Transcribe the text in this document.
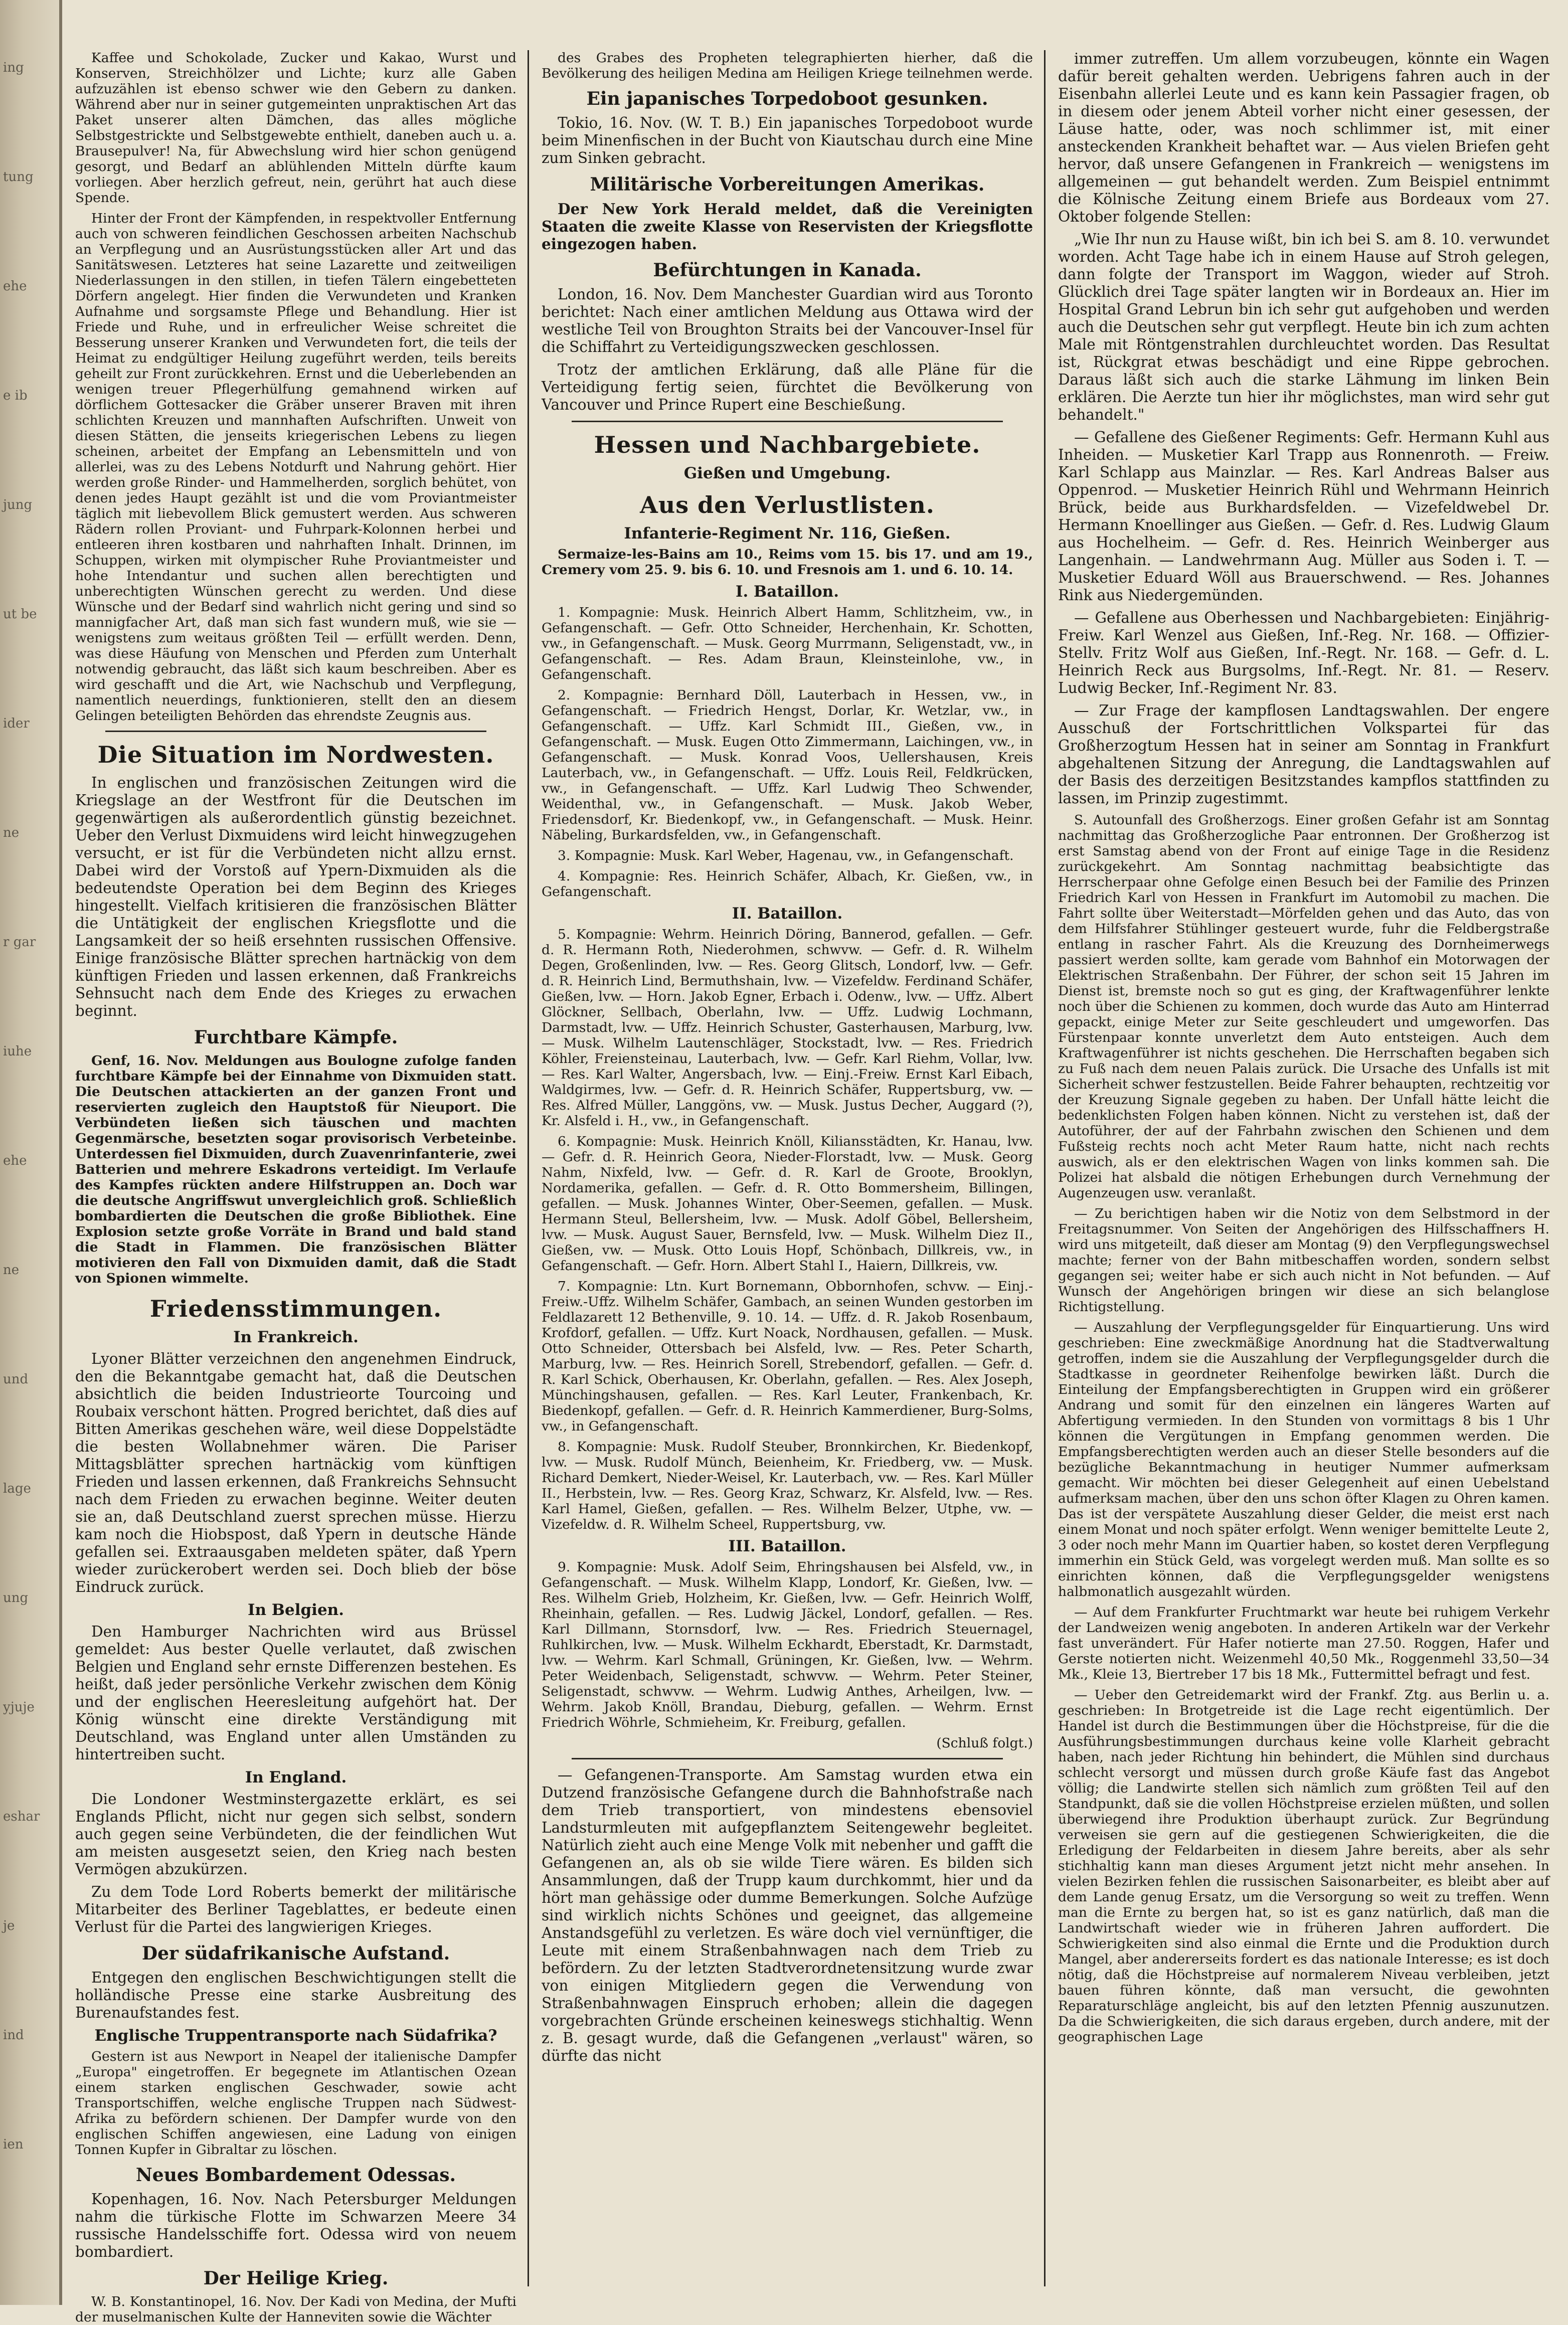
ing
tung
ehe
e ib
jung
ut be
ider
ne
r gar
iuhe
ehe
ne
und
lage
ung
yjuje
eshar
je
ind
ien

Kaffee und Schokolade, Zucker und Kakao, Wurst und Konserven, Streichhölzer und Lichte; kurz alle Gaben aufzuzählen ist ebenso schwer wie den Gebern zu danken. Während aber nur in seiner gutgemeinten unpraktischen Art das Paket unserer alten Dämchen, das alles mögliche Selbstgestrickte und Selbstgewebte enthielt, daneben auch u. a. Brausepulver! Na, für Abwechslung wird hier schon genügend gesorgt, und Bedarf an ablühlenden Mitteln dürfte kaum vorliegen. Aber herzlich gefreut, nein, gerührt hat auch diese Spende.

Hinter der Front der Kämpfenden, in respektvoller Entfernung auch von schweren feindlichen Geschossen arbeiten Nachschub an Verpflegung und an Ausrüstungsstücken aller Art und das Sanitätswesen. Letzteres hat seine Lazarette und zeitweiligen Niederlassungen in den stillen, in tiefen Tälern eingebetteten Dörfern angelegt. Hier finden die Verwundeten und Kranken Aufnahme und sorgsamste Pflege und Behandlung. Hier ist Friede und Ruhe, und in erfreulicher Weise schreitet die Besserung unserer Kranken und Verwundeten fort, die teils der Heimat zu endgültiger Heilung zugeführt werden, teils bereits geheilt zur Front zurückkehren. Ernst und die Ueberlebenden an wenigen treuer Pflegerhülfung gemahnend wirken auf dörflichem Gottesacker die Gräber unserer Braven mit ihren schlichten Kreuzen und mannhaften Aufschriften. Unweit von diesen Stätten, die jenseits kriegerischen Lebens zu liegen scheinen, arbeitet der Empfang an Lebensmitteln und von allerlei, was zu des Lebens Notdurft und Nahrung gehört. Hier werden große Rinder- und Hammelherden, sorglich behütet, von denen jedes Haupt gezählt ist und die vom Proviantmeister täglich mit liebevollem Blick gemustert werden. Aus schweren Rädern rollen Proviant- und Fuhrpark-Kolonnen herbei und entleeren ihren kostbaren und nahrhaften Inhalt. Drinnen, im Schuppen, wirken mit olympischer Ruhe Proviantmeister und hohe Intendantur und suchen allen berechtigten und unberechtigten Wünschen gerecht zu werden. Und diese Wünsche und der Bedarf sind wahrlich nicht gering und sind so mannigfacher Art, daß man sich fast wundern muß, wie sie — wenigstens zum weitaus größten Teil — erfüllt werden. Denn, was diese Häufung von Menschen und Pferden zum Unterhalt notwendig gebraucht, das läßt sich kaum beschreiben. Aber es wird geschafft und die Art, wie Nachschub und Verpflegung, namentlich neuerdings, funktionieren, stellt den an diesem Gelingen beteiligten Behörden das ehrendste Zeugnis aus.

Die Situation im Nordwesten.

In englischen und französischen Zeitungen wird die Kriegslage an der Westfront für die Deutschen im gegenwärtigen als außerordentlich günstig bezeichnet. Ueber den Verlust Dixmuidens wird leicht hinwegzugehen versucht, er ist für die Verbündeten nicht allzu ernst. Dabei wird der Vorstoß auf Ypern-Dixmuiden als die bedeutendste Operation bei dem Beginn des Krieges hingestellt. Vielfach kritisieren die französischen Blätter die Untätigkeit der englischen Kriegsflotte und die Langsamkeit der so heiß ersehnten russischen Offensive. Einige französische Blätter sprechen hartnäckig von dem künftigen Frieden und lassen erkennen, daß Frankreichs Sehnsucht nach dem Ende des Krieges zu erwachen beginnt.

Furchtbare Kämpfe.

Genf, 16. Nov. Meldungen aus Boulogne zufolge fanden furchtbare Kämpfe bei der Einnahme von Dixmuiden statt. Die Deutschen attackierten an der ganzen Front und reservierten zugleich den Hauptstoß für Nieuport. Die Verbündeten ließen sich täuschen und machten Gegenmärsche, besetzten sogar provisorisch Verbeteinbe. Unterdessen fiel Dixmuiden, durch Zuavenrinfanterie, zwei Batterien und mehrere Eskadrons verteidigt. Im Verlaufe des Kampfes rückten andere Hilfstruppen an. Doch war die deutsche Angriffswut unvergleichlich groß. Schließlich bombardierten die Deutschen die große Bibliothek. Eine Explosion setzte große Vorräte in Brand und bald stand die Stadt in Flammen. Die französischen Blätter motivieren den Fall von Dixmuiden damit, daß die Stadt von Spionen wimmelte.

Friedensstimmungen.
In Frankreich.

Lyoner Blätter verzeichnen den angenehmen Eindruck, den die Bekanntgabe gemacht hat, daß die Deutschen absichtlich die beiden Industrieorte Tourcoing und Roubaix verschont hätten. Progred berichtet, daß dies auf Bitten Amerikas geschehen wäre, weil diese Doppelstädte die besten Wollabnehmer wären. Die Pariser Mittagsblätter sprechen hartnäckig vom künftigen Frieden und lassen erkennen, daß Frankreichs Sehnsucht nach dem Frieden zu erwachen beginne. Weiter deuten sie an, daß Deutschland zuerst sprechen müsse. Hierzu kam noch die Hiobspost, daß Ypern in deutsche Hände gefallen sei. Extraausgaben meldeten später, daß Ypern wieder zurückerobert werden sei. Doch blieb der böse Eindruck zurück.

In Belgien.

Den Hamburger Nachrichten wird aus Brüssel gemeldet: Aus bester Quelle verlautet, daß zwischen Belgien und England sehr ernste Differenzen bestehen. Es heißt, daß jeder persönliche Verkehr zwischen dem König und der englischen Heeresleitung aufgehört hat. Der König wünscht eine direkte Verständigung mit Deutschland, was England unter allen Umständen zu hintertreiben sucht.

In England.

Die Londoner Westminstergazette erklärt, es sei Englands Pflicht, nicht nur gegen sich selbst, sondern auch gegen seine Verbündeten, die der feindlichen Wut am meisten ausgesetzt seien, den Krieg nach besten Vermögen abzukürzen.

Zu dem Tode Lord Roberts bemerkt der militärische Mitarbeiter des Berliner Tageblattes, er bedeute einen Verlust für die Partei des langwierigen Krieges.

Der südafrikanische Aufstand.

Entgegen den englischen Beschwichtigungen stellt die holländische Presse eine starke Ausbreitung des Burenaufstandes fest.

Englische Truppentransporte nach Südafrika?

Gestern ist aus Newport in Neapel der italienische Dampfer „Europa" eingetroffen. Er begegnete im Atlantischen Ozean einem starken englischen Geschwader, sowie acht Transportschiffen, welche englische Truppen nach Südwest-Afrika zu befördern schienen. Der Dampfer wurde von den englischen Schiffen angewiesen, eine Ladung von einigen Tonnen Kupfer in Gibraltar zu löschen.

Neues Bombardement Odessas.

Kopenhagen, 16. Nov. Nach Petersburger Meldungen nahm die türkische Flotte im Schwarzen Meere 34 russische Handelsschiffe fort. Odessa wird von neuem bombardiert.

Der Heilige Krieg.

W. B. Konstantinopel, 16. Nov. Der Kadi von Medina, der Mufti der muselmanischen Kulte der Hanneviten sowie die Wächter

des Grabes des Propheten telegraphierten hierher, daß die Bevölkerung des heiligen Medina am Heiligen Kriege teilnehmen werde.

Ein japanisches Torpedoboot gesunken.

Tokio, 16. Nov. (W. T. B.) Ein japanisches Torpedoboot wurde beim Minenfischen in der Bucht von Kiautschau durch eine Mine zum Sinken gebracht.

Militärische Vorbereitungen Amerikas.

Der New York Herald meldet, daß die Vereinigten Staaten die zweite Klasse von Reservisten der Kriegsflotte eingezogen haben.

Befürchtungen in Kanada.

London, 16. Nov. Dem Manchester Guardian wird aus Toronto berichtet: Nach einer amtlichen Meldung aus Ottawa wird der westliche Teil von Broughton Straits bei der Vancouver-Insel für die Schiffahrt zu Verteidigungszwecken geschlossen.

Trotz der amtlichen Erklärung, daß alle Pläne für die Verteidigung fertig seien, fürchtet die Bevölkerung von Vancouver und Prince Rupert eine Beschießung.

Hessen und Nachbargebiete.
Gießen und Umgebung.
Aus den Verlustlisten.
Infanterie-Regiment Nr. 116, Gießen.

Sermaize-les-Bains am 10., Reims vom 15. bis 17. und am 19., Cremery vom 25. 9. bis 6. 10. und Fresnois am 1. und 6. 10. 14.

I. Bataillon.

1. Kompagnie: Musk. Heinrich Albert Hamm, Schlitzheim, vw., in Gefangenschaft. — Gefr. Otto Schneider, Herchenhain, Kr. Schotten, vw., in Gefangenschaft. — Musk. Georg Murrmann, Seligenstadt, vw., in Gefangenschaft. — Res. Adam Braun, Kleinsteinlohe, vw., in Gefangenschaft.

2. Kompagnie: Bernhard Döll, Lauterbach in Hessen, vw., in Gefangenschaft. — Friedrich Hengst, Dorlar, Kr. Wetzlar, vw., in Gefangenschaft. — Uffz. Karl Schmidt III., Gießen, vw., in Gefangenschaft. — Musk. Eugen Otto Zimmermann, Laichingen, vw., in Gefangenschaft. — Musk. Konrad Voos, Uellershausen, Kreis Lauterbach, vw., in Gefangenschaft. — Uffz. Louis Reil, Feldkrücken, vw., in Gefangenschaft. — Uffz. Karl Ludwig Theo Schwender, Weidenthal, vw., in Gefangenschaft. — Musk. Jakob Weber, Friedensdorf, Kr. Biedenkopf, vw., in Gefangenschaft. — Musk. Heinr. Näbeling, Burkardsfelden, vw., in Gefangenschaft.

3. Kompagnie: Musk. Karl Weber, Hagenau, vw., in Gefangenschaft.

4. Kompagnie: Res. Heinrich Schäfer, Albach, Kr. Gießen, vw., in Gefangenschaft.

II. Bataillon.

5. Kompagnie: Wehrm. Heinrich Döring, Bannerod, gefallen. — Gefr. d. R. Hermann Roth, Niederohmen, schwvw. — Gefr. d. R. Wilhelm Degen, Großenlinden, lvw. — Res. Georg Glitsch, Londorf, lvw. — Gefr. d. R. Heinrich Lind, Bermuthshain, lvw. — Vizefeldw. Ferdinand Schäfer, Gießen, lvw. — Horn. Jakob Egner, Erbach i. Odenw., lvw. — Uffz. Albert Glöckner, Sellbach, Oberlahn, lvw. — Uffz. Ludwig Lochmann, Darmstadt, lvw. — Uffz. Heinrich Schuster, Gasterhausen, Marburg, lvw. — Musk. Wilhelm Lautenschläger, Stockstadt, lvw. — Res. Friedrich Köhler, Freiensteinau, Lauterbach, lvw. — Gefr. Karl Riehm, Vollar, lvw. — Res. Karl Walter, Angersbach, lvw. — Einj.-Freiw. Ernst Karl Eibach, Waldgirmes, lvw. — Gefr. d. R. Heinrich Schäfer, Ruppertsburg, vw. — Res. Alfred Müller, Langgöns, vw. — Musk. Justus Decher, Auggard (?), Kr. Alsfeld i. H., vw., in Gefangenschaft.

6. Kompagnie: Musk. Heinrich Knöll, Kiliansstädten, Kr. Hanau, lvw. — Gefr. d. R. Heinrich Geora, Nieder-Florstadt, lvw. — Musk. Georg Nahm, Nixfeld, lvw. — Gefr. d. R. Karl de Groote, Brooklyn, Nordamerika, gefallen. — Gefr. d. R. Otto Bommersheim, Billingen, gefallen. — Musk. Johannes Winter, Ober-Seemen, gefallen. — Musk. Hermann Steul, Bellersheim, lvw. — Musk. Adolf Göbel, Bellersheim, lvw. — Musk. August Sauer, Bernsfeld, lvw. — Musk. Wilhelm Diez II., Gießen, vw. — Musk. Otto Louis Hopf, Schönbach, Dillkreis, vw., in Gefangenschaft. — Gefr. Horn. Albert Stahl I., Haiern, Dillkreis, vw.

7. Kompagnie: Ltn. Kurt Bornemann, Obbornhofen, schvw. — Einj.-Freiw.-Uffz. Wilhelm Schäfer, Gambach, an seinen Wunden gestorben im Feldlazarett 12 Bethenville, 9. 10. 14. — Uffz. d. R. Jakob Rosenbaum, Krofdorf, gefallen. — Uffz. Kurt Noack, Nordhausen, gefallen. — Musk. Otto Schneider, Ottersbach bei Alsfeld, lvw. — Res. Peter Scharth, Marburg, lvw. — Res. Heinrich Sorell, Strebendorf, gefallen. — Gefr. d. R. Karl Schick, Oberhausen, Kr. Oberlahn, gefallen. — Res. Alex Joseph, Münchingshausen, gefallen. — Res. Karl Leuter, Frankenbach, Kr. Biedenkopf, gefallen. — Gefr. d. R. Heinrich Kammerdiener, Burg-Solms, vw., in Gefangenschaft.

8. Kompagnie: Musk. Rudolf Steuber, Bronnkirchen, Kr. Biedenkopf, lvw. — Musk. Rudolf Münch, Beienheim, Kr. Friedberg, vw. — Musk. Richard Demkert, Nieder-Weisel, Kr. Lauterbach, vw. — Res. Karl Müller II., Herbstein, lvw. — Res. Georg Kraz, Schwarz, Kr. Alsfeld, lvw. — Res. Karl Hamel, Gießen, gefallen. — Res. Wilhelm Belzer, Utphe, vw. — Vizefeldw. d. R. Wilhelm Scheel, Ruppertsburg, vw.

III. Bataillon.

9. Kompagnie: Musk. Adolf Seim, Ehringshausen bei Alsfeld, vw., in Gefangenschaft. — Musk. Wilhelm Klapp, Londorf, Kr. Gießen, lvw. — Res. Wilhelm Grieb, Holzheim, Kr. Gießen, lvw. — Gefr. Heinrich Wolff, Rheinhain, gefallen. — Res. Ludwig Jäckel, Londorf, gefallen. — Res. Karl Dillmann, Stornsdorf, lvw. — Res. Friedrich Steuernagel, Ruhlkirchen, lvw. — Musk. Wilhelm Eckhardt, Eberstadt, Kr. Darmstadt, lvw. — Wehrm. Karl Schmall, Grüningen, Kr. Gießen, lvw. — Wehrm. Peter Weidenbach, Seligenstadt, schwvw. — Wehrm. Peter Steiner, Seligenstadt, schwvw. — Wehrm. Ludwig Anthes, Arheilgen, lvw. — Wehrm. Jakob Knöll, Brandau, Dieburg, gefallen. — Wehrm. Ernst Friedrich Wöhrle, Schmieheim, Kr. Freiburg, gefallen.

(Schluß folgt.)

— Gefangenen-Transporte. Am Samstag wurden etwa ein Dutzend französische Gefangene durch die Bahnhofstraße nach dem Trieb transportiert, von mindestens ebensoviel Landsturmleuten mit aufgepflanztem Seitengewehr begleitet. Natürlich zieht auch eine Menge Volk mit nebenher und gafft die Gefangenen an, als ob sie wilde Tiere wären. Es bilden sich Ansammlungen, daß der Trupp kaum durchkommt, hier und da hört man gehässige oder dumme Bemerkungen. Solche Aufzüge sind wirklich nichts Schönes und geeignet, das allgemeine Anstandsgefühl zu verletzen. Es wäre doch viel vernünftiger, die Leute mit einem Straßenbahnwagen nach dem Trieb zu befördern. Zu der letzten Stadtverordnetensitzung wurde zwar von einigen Mitgliedern gegen die Verwendung von Straßenbahnwagen Einspruch erhoben; allein die dagegen vorgebrachten Gründe erscheinen keineswegs stichhaltig. Wenn z. B. gesagt wurde, daß die Gefangenen „verlaust" wären, so dürfte das nicht

immer zutreffen. Um allem vorzubeugen, könnte ein Wagen dafür bereit gehalten werden. Uebrigens fahren auch in der Eisenbahn allerlei Leute und es kann kein Passagier fragen, ob in diesem oder jenem Abteil vorher nicht einer gesessen, der Läuse hatte, oder, was noch schlimmer ist, mit einer ansteckenden Krankheit behaftet war. — Aus vielen Briefen geht hervor, daß unsere Gefangenen in Frankreich — wenigstens im allgemeinen — gut behandelt werden. Zum Beispiel entnimmt die Kölnische Zeitung einem Briefe aus Bordeaux vom 27. Oktober folgende Stellen:

„Wie Ihr nun zu Hause wißt, bin ich bei S. am 8. 10. verwundet worden. Acht Tage habe ich in einem Hause auf Stroh gelegen, dann folgte der Transport im Waggon, wieder auf Stroh. Glücklich drei Tage später langten wir in Bordeaux an. Hier im Hospital Grand Lebrun bin ich sehr gut aufgehoben und werden auch die Deutschen sehr gut verpflegt. Heute bin ich zum achten Male mit Röntgenstrahlen durchleuchtet worden. Das Resultat ist, Rückgrat etwas beschädigt und eine Rippe gebrochen. Daraus läßt sich auch die starke Lähmung im linken Bein erklären. Die Aerzte tun hier ihr möglichstes, man wird sehr gut behandelt."

— Gefallene des Gießener Regiments: Gefr. Hermann Kuhl aus Inheiden. — Musketier Karl Trapp aus Ronnenroth. — Freiw. Karl Schlapp aus Mainzlar. — Res. Karl Andreas Balser aus Oppenrod. — Musketier Heinrich Rühl und Wehrmann Heinrich Brück, beide aus Burkhardsfelden. — Vizefeldwebel Dr. Hermann Knoellinger aus Gießen. — Gefr. d. Res. Ludwig Glaum aus Hochelheim. — Gefr. d. Res. Heinrich Weinberger aus Langenhain. — Landwehrmann Aug. Müller aus Soden i. T. — Musketier Eduard Wöll aus Brauerschwend. — Res. Johannes Rink aus Niedergemünden.

— Gefallene aus Oberhessen und Nachbargebieten: Einjährig-Freiw. Karl Wenzel aus Gießen, Inf.-Reg. Nr. 168. — Offizier-Stellv. Fritz Wolf aus Gießen, Inf.-Regt. Nr. 168. — Gefr. d. L. Heinrich Reck aus Burgsolms, Inf.-Regt. Nr. 81. — Reserv. Ludwig Becker, Inf.-Regiment Nr. 83.

— Zur Frage der kampflosen Landtagswahlen. Der engere Ausschuß der Fortschrittlichen Volkspartei für das Großherzogtum Hessen hat in seiner am Sonntag in Frankfurt abgehaltenen Sitzung der Anregung, die Landtagswahlen auf der Basis des derzeitigen Besitzstandes kampflos stattfinden zu lassen, im Prinzip zugestimmt.

S. Autounfall des Großherzogs. Einer großen Gefahr ist am Sonntag nachmittag das Großherzogliche Paar entronnen. Der Großherzog ist erst Samstag abend von der Front auf einige Tage in die Residenz zurückgekehrt. Am Sonntag nachmittag beabsichtigte das Herrscherpaar ohne Gefolge einen Besuch bei der Familie des Prinzen Friedrich Karl von Hessen in Frankfurt im Automobil zu machen. Die Fahrt sollte über Weiterstadt—Mörfelden gehen und das Auto, das von dem Hilfsfahrer Stühlinger gesteuert wurde, fuhr die Feldbergstraße entlang in rascher Fahrt. Als die Kreuzung des Dornheimerwegs passiert werden sollte, kam gerade vom Bahnhof ein Motorwagen der Elektrischen Straßenbahn. Der Führer, der schon seit 15 Jahren im Dienst ist, bremste noch so gut es ging, der Kraftwagenführer lenkte noch über die Schienen zu kommen, doch wurde das Auto am Hinterrad gepackt, einige Meter zur Seite geschleudert und umgeworfen. Das Fürstenpaar konnte unverletzt dem Auto entsteigen. Auch dem Kraftwagenführer ist nichts geschehen. Die Herrschaften begaben sich zu Fuß nach dem neuen Palais zurück. Die Ursache des Unfalls ist mit Sicherheit schwer festzustellen. Beide Fahrer behaupten, rechtzeitig vor der Kreuzung Signale gegeben zu haben. Der Unfall hätte leicht die bedenklichsten Folgen haben können. Nicht zu verstehen ist, daß der Autoführer, der auf der Fahrbahn zwischen den Schienen und dem Fußsteig rechts noch acht Meter Raum hatte, nicht nach rechts auswich, als er den elektrischen Wagen von links kommen sah. Die Polizei hat alsbald die nötigen Erhebungen durch Vernehmung der Augenzeugen usw. veranlaßt.

— Zu berichtigen haben wir die Notiz von dem Selbstmord in der Freitagsnummer. Von Seiten der Angehörigen des Hilfsschaffners H. wird uns mitgeteilt, daß dieser am Montag (9) den Verpflegungswechsel machte; ferner von der Bahn mitbeschaffen worden, sondern selbst gegangen sei; weiter habe er sich auch nicht in Not befunden. — Auf Wunsch der Angehörigen bringen wir diese an sich belanglose Richtigstellung.

— Auszahlung der Verpflegungsgelder für Einquartierung. Uns wird geschrieben: Eine zweckmäßige Anordnung hat die Stadtverwaltung getroffen, indem sie die Auszahlung der Verpflegungsgelder durch die Stadtkasse in geordneter Reihenfolge bewirken läßt. Durch die Einteilung der Empfangsberechtigten in Gruppen wird ein größerer Andrang und somit für den einzelnen ein längeres Warten auf Abfertigung vermieden. In den Stunden von vormittags 8 bis 1 Uhr können die Vergütungen in Empfang genommen werden. Die Empfangsberechtigten werden auch an dieser Stelle besonders auf die bezügliche Bekanntmachung in heutiger Nummer aufmerksam gemacht. Wir möchten bei dieser Gelegenheit auf einen Uebelstand aufmerksam machen, über den uns schon öfter Klagen zu Ohren kamen. Das ist der verspätete Auszahlung dieser Gelder, die meist erst nach einem Monat und noch später erfolgt. Wenn weniger bemittelte Leute 2, 3 oder noch mehr Mann im Quartier haben, so kostet deren Verpflegung immerhin ein Stück Geld, was vorgelegt werden muß. Man sollte es so einrichten können, daß die Verpflegungsgelder wenigstens halbmonatlich ausgezahlt würden.

— Auf dem Frankfurter Fruchtmarkt war heute bei ruhigem Verkehr der Landweizen wenig angeboten. In anderen Artikeln war der Verkehr fast unverändert. Für Hafer notierte man 27.50. Roggen, Hafer und Gerste notierten nicht. Weizenmehl 40,50 Mk., Roggenmehl 33,50—34 Mk., Kleie 13, Biertreber 17 bis 18 Mk., Futtermittel befragt und fest.

— Ueber den Getreidemarkt wird der Frankf. Ztg. aus Berlin u. a. geschrieben: In Brotgetreide ist die Lage recht eigentümlich. Der Handel ist durch die Bestimmungen über die Höchstpreise, für die die Ausführungsbestimmungen durchaus keine volle Klarheit gebracht haben, nach jeder Richtung hin behindert, die Mühlen sind durchaus schlecht versorgt und müssen durch große Käufe fast das Angebot völlig; die Landwirte stellen sich nämlich zum größten Teil auf den Standpunkt, daß sie die vollen Höchstpreise erzielen müßten, und sollen überwiegend ihre Produktion überhaupt zurück. Zur Begründung verweisen sie gern auf die gestiegenen Schwierigkeiten, die die Erledigung der Feldarbeiten in diesem Jahre bereits, aber als sehr stichhaltig kann man dieses Argument jetzt nicht mehr ansehen. In vielen Bezirken fehlen die russischen Saisonarbeiter, es bleibt aber auf dem Lande genug Ersatz, um die Versorgung so weit zu treffen. Wenn man die Ernte zu bergen hat, so ist es ganz natürlich, daß man die Landwirtschaft wieder wie in früheren Jahren auffordert. Die Schwierigkeiten sind also einmal die Ernte und die Produktion durch Mangel, aber andererseits fordert es das nationale Interesse; es ist doch nötig, daß die Höchstpreise auf normalerem Niveau verbleiben, jetzt bauen führen könnte, daß man versucht, die gewohnten Reparaturschläge angleicht, bis auf den letzten Pfennig auszunutzen. Da die Schwierigkeiten, die sich daraus ergeben, durch andere, mit der geographischen Lage
